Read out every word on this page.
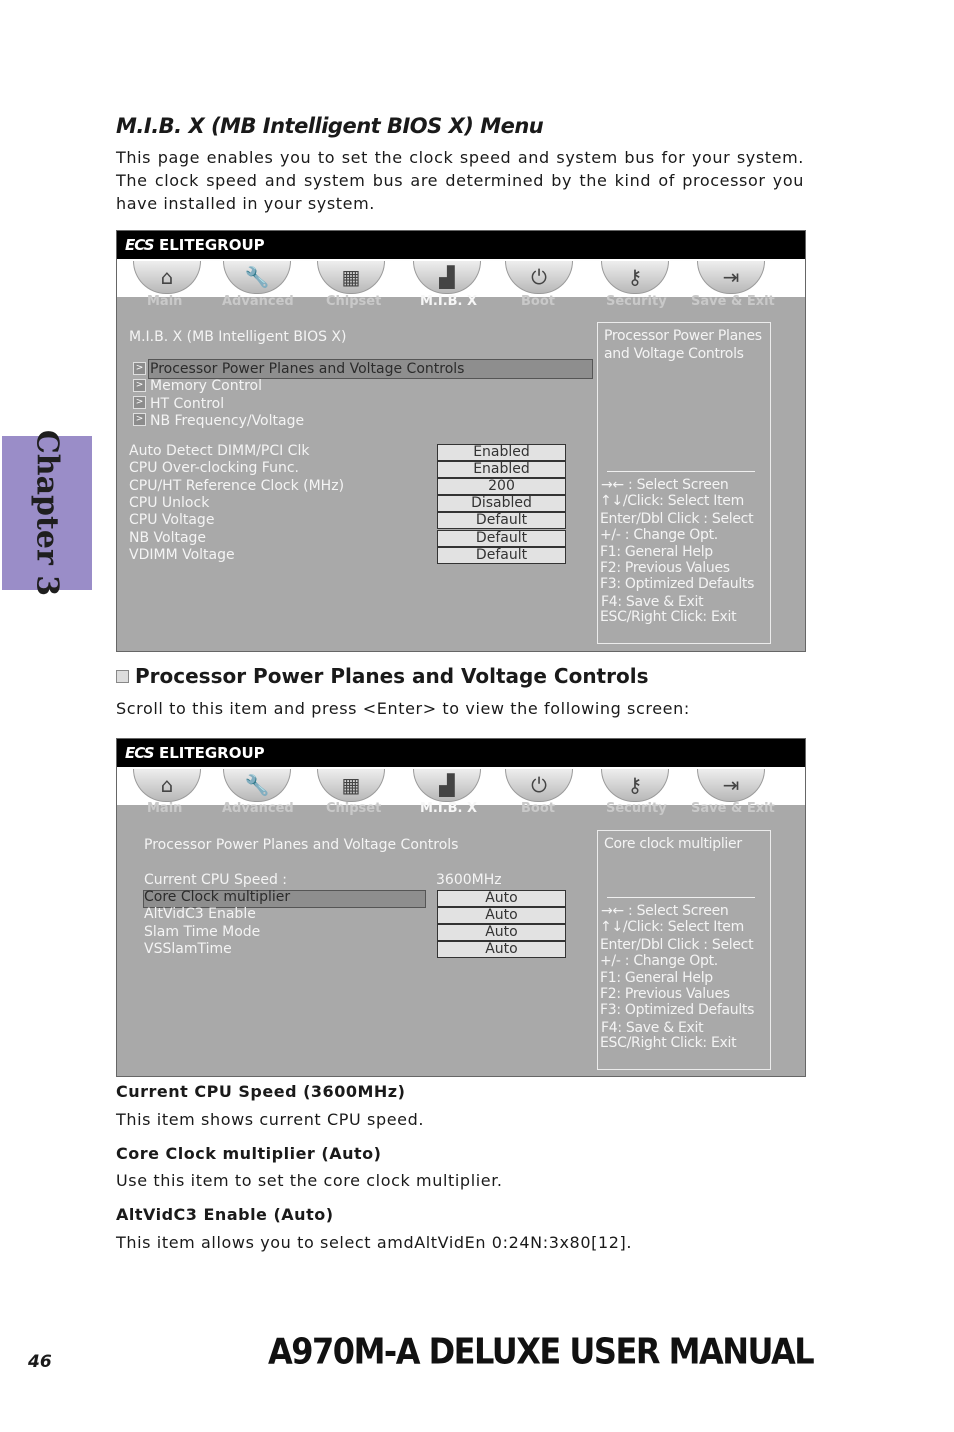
M.I.B. X (MB Intelligent BIOS X) Menu
This page enables you to set the clock speed and system bus for your system. The clock speed and system bus are determined by the kind of processor you have installed in your system.
Chapter 3
ECS ELITEGROUP
⌂	🔧	▦	▟	⏻	⚷	⇥
Main	Advanced Chipset	M.I.B. X	Boot	Security Save & Exit
M.I.B. X (MB Intelligent BIOS X)
> Processor Power Planes and Voltage Controls
> Memory Control
> HT Control
> NB Frequency/Voltage
Auto Detect DIMM/PCI Clk	Enabled
CPU Over-clocking Func.	Enabled
CPU/HT Reference Clock (MHz)	200
CPU Unlock	Disabled
CPU Voltage	Default
NB Voltage	Default
VDIMM Voltage	Default
Processor Power Planes
and Voltage Controls
→← : Select Screen
↑↓/Click: Select Item
Enter/Dbl Click : Select
+/- : Change Opt.
F1: General Help
F2: Previous Values
F3: Optimized Defaults
F4: Save & Exit
ESC/Right Click: Exit
Processor Power Planes and Voltage Controls
Scroll to this item and press <Enter> to view the following screen:
ECS ELITEGROUP
⌂	🔧	▦	▟	⏻	⚷	⇥
Main	Advanced Chipset	M.I.B. X	Boot	Security Save & Exit
Processor Power Planes and Voltage Controls
Current CPU Speed :	3600MHz
Core Clock multiplier	Auto
AltVidC3 Enable	Auto
Slam Time Mode	Auto
VSSlamTime	Auto
Core clock multiplier
→← : Select Screen
↑↓/Click: Select Item
Enter/Dbl Click : Select
+/- : Change Opt.
F1: General Help
F2: Previous Values
F3: Optimized Defaults
F4: Save & Exit
ESC/Right Click: Exit
Current CPU Speed (3600MHz)
This item shows current CPU speed.
Core Clock multiplier (Auto)
Use this item to set the core clock multiplier.
AltVidC3 Enable (Auto)
This item allows you to select amdAltVidEn 0:24N:3x80[12].
46	A970M-A DELUXE USER MANUAL
